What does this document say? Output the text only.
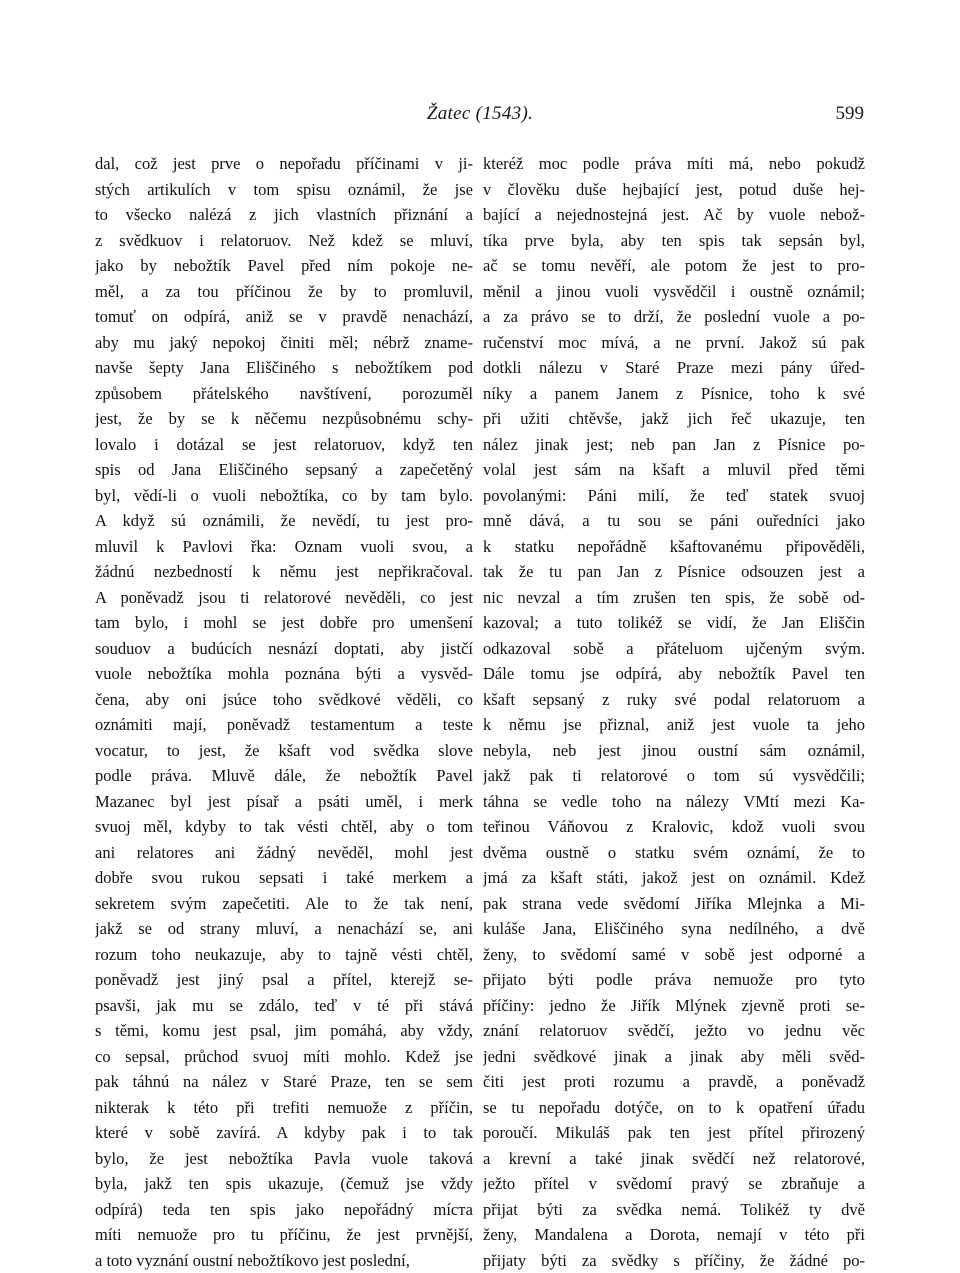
Žatec (1543).	599
dal, což jest prve o nepořadu příčinami v ji-
stých artikulích v tom spisu oznámil, že jse
to všecko nalézá z jich vlastních přiznání a
z svědkuov i relatoruov. Než kdež se mluví,
jako by nebožtík Pavel před ním pokoje ne-
měl, a za tou příčinou že by to promluvil,
tomuť on odpírá, aniž se v pravdě nenachází,
aby mu jaký nepokoj činiti měl; nébrž zname-
navše šepty Jana Eliščiného s nebožtíkem pod
způsobem přátelského navštívení, porozuměl
jest, že by se k něčemu nezpůsobnému schy-
lovalo i dotázal se jest relatoruov, když ten
spis od Jana Eliščiného sepsaný a zapečetěný
byl, vědí-li o vuoli nebožtíka, co by tam bylo.
A když sú oznámili, že nevědí, tu jest pro-
mluvil k Pavlovi řka: Oznam vuoli svou, a
žádnú nezbedností k němu jest nepřikračoval.
A poněvadž jsou ti relatorové nevěděli, co jest
tam bylo, i mohl se jest dobře pro umenšení
souduov a budúcích nesnází doptati, aby jistčí
vuole nebožtíka mohla poznána býti a vysvěd-
čena, aby oni jsúce toho svědkové věděli, co
oznámiti mají, poněvadž testamentum a teste
vocatur, to jest, že kšaft vod svědka slove
podle práva. Mluvě dále, že nebožtík Pavel
Mazanec byl jest písař a psáti uměl, i merk
svuoj měl, kdyby to tak vésti chtěl, aby o tom
ani relatores ani žádný nevěděl, mohl jest
dobře svou rukou sepsati i také merkem a
sekretem svým zapečetiti. Ale to že tak není,
jakž se od strany mluví, a nenachází se, ani
rozum toho neukazuje, aby to tajně vésti chtěl,
poněvadž jest jiný psal a přítel, kterejž se-
psavši, jak mu se zdálo, teď v té při stává
s těmi, komu jest psal, jim pomáhá, aby vždy,
co sepsal, průchod svuoj míti mohlo. Kdež jse
pak táhnú na nález v Staré Praze, ten se sem
nikterak k této při trefiti nemuože z příčin,
které v sobě zavírá. A kdyby pak i to tak
bylo, že jest nebožtíka Pavla vuole taková
byla, jakž ten spis ukazuje, (čemuž jse vždy
odpírá) teda ten spis jako nepořádný míста
míti nemuože pro tu příčinu, že jest prvnější,
a toto vyznání oustní nebožtíkovo jest poslední,
kteréž moc podle práva míti má, nebo pokudž
v člověku duše hejbající jest, potud duše hej-
bající a nejednostejná jest. Ač by vuole nebož-
tíka prve byla, aby ten spis tak sepsán byl,
ač se tomu nevěří, ale potom že jest to pro-
měnil a jinou vuoli vysvědčil i oustně oznámil;
a za právo se to drží, že poslední vuole a po-
ručenství moc mívá, a ne první. Jakož sú pak
dotkli nálezu v Staré Praze mezi pány úřed-
níky a panem Janem z Písnice, toho k své
při užiti chtěvše, jakž jich řeč ukazuje, ten
nález jinak jest; neb pan Jan z Písnice po-
volal jest sám na kšaft a mluvil před těmi
povolanými: Páni milí, že teď statek svuoj
mně dává, a tu sou se páni ouředníci jako
k statku nepořádně kšaftovanému připověděli,
tak že tu pan Jan z Písnice odsouzen jest a
nic nevzal a tím zrušen ten spis, že sobě od-
kazoval; a tuto tolikéž se vidí, že Jan Eliščin
odkazoval sobě a přáteluom ujčeným svým.
Dále tomu jse odpírá, aby nebožtík Pavel ten
kšaft sepsaný z ruky své podal relatoruom a
k němu jse přiznal, aniž jest vuole ta jeho
nebyla, neb jest jinou oustní sám oznámil,
jakž pak ti relatorové o tom sú vysvědčili;
táhna se vedle toho na nálezy VMtí mezi Ka-
teřinou Váňovou z Kralovic, kdož vuoli svou
dvěma oustně o statku svém oznámí, že to
jmá za kšaft státi, jakož jest on oznámil. Kdež
pak strana vede svědomí Jiříka Mlejnka a Mi-
kuláše Jana, Eliščiného syna nedílného, a dvě
ženy, to svědomí samé v sobě jest odporné a
přijato býti podle práva nemuože pro tyto
příčiny: jedno že Jiřík Mlýnek zjevně proti se-
znání relatoruov svědčí, ježto vo jednu věc
jedni svědkové jinak a jinak aby měli svěd-
čiti jest proti rozumu a pravdě, a poněvadž
se tu nepořadu dotýče, on to k opatření úřadu
poroučí. Mikuláš pak ten jest přítel přirozený
a krevní a také jinak svědčí než relatorové,
ježto přítel v svědomí pravý se zbraňuje a
přijat býti za svědka nemá. Tolikéž ty dvě
ženy, Mandalena a Dorota, nemají v této při
přijaty býti za svědky s příčiny, že žádné po-
